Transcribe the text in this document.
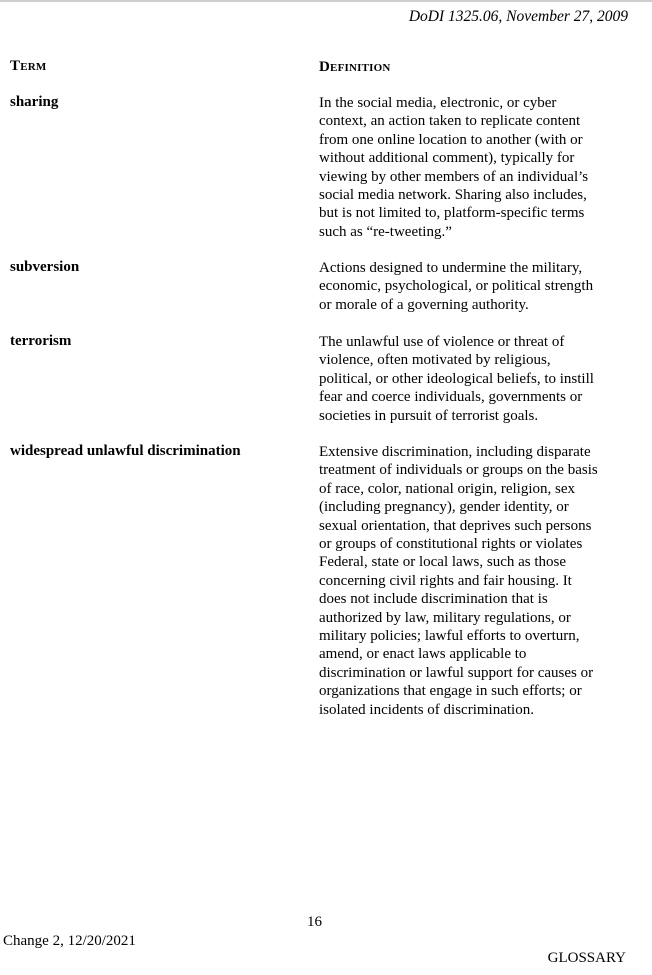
DoDI 1325.06, November 27, 2009
Term	Definition
sharing	In the social media, electronic, or cyber
context, an action taken to replicate content
from one online location to another (with or
without additional comment), typically for
viewing by other members of an individual’s
social media network. Sharing also includes,
but is not limited to, platform-specific terms
such as “re-tweeting.”

subversion	Actions designed to undermine the military,
economic, psychological, or political strength
or morale of a governing authority.

terrorism	The unlawful use of violence or threat of
violence, often motivated by religious,
political, or other ideological beliefs, to instill
fear and coerce individuals, governments or
societies in pursuit of terrorist goals.

widespread unlawful discrimination	Extensive discrimination, including disparate
treatment of individuals or groups on the basis
of race, color, national origin, religion, sex
(including pregnancy), gender identity, or
sexual orientation, that deprives such persons
or groups of constitutional rights or violates
Federal, state or local laws, such as those
concerning civil rights and fair housing. It
does not include discrimination that is
authorized by law, military regulations, or
military policies; lawful efforts to overturn,
amend, or enact laws applicable to
discrimination or lawful support for causes or
organizations that engage in such efforts; or
isolated incidents of discrimination.

16
Change 2, 12/20/2021
GLOSSARY
